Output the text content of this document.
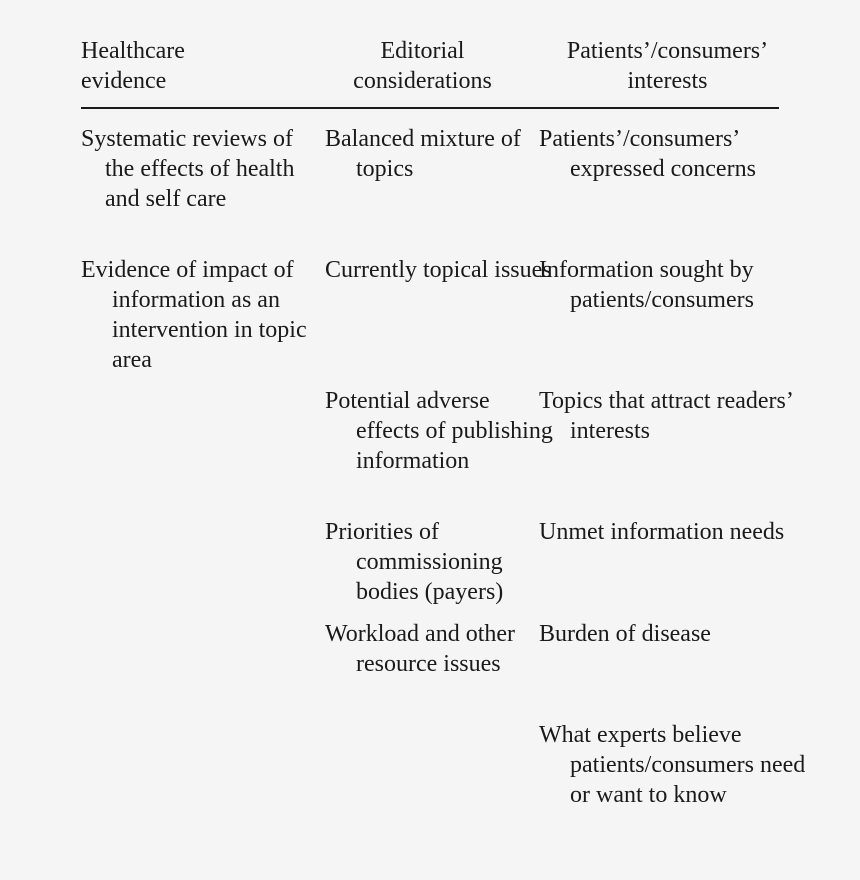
Healthcare
evidence
Editorial
considerations
Patients’/consumers’
interests

Systematic reviews of the effects of health and self care

Evidence of impact of information as an intervention in topic area

Balanced mixture of topics

Currently topical issues

Potential adverse effects of publishing information

Priorities of commissioning bodies (payers)

Workload and other resource issues

Patients’/consumers’ expressed concerns

Information sought by patients/consumers

Topics that attract readers’ interests

Unmet information needs

Burden of disease

What experts believe patients/consumers need or want to know
